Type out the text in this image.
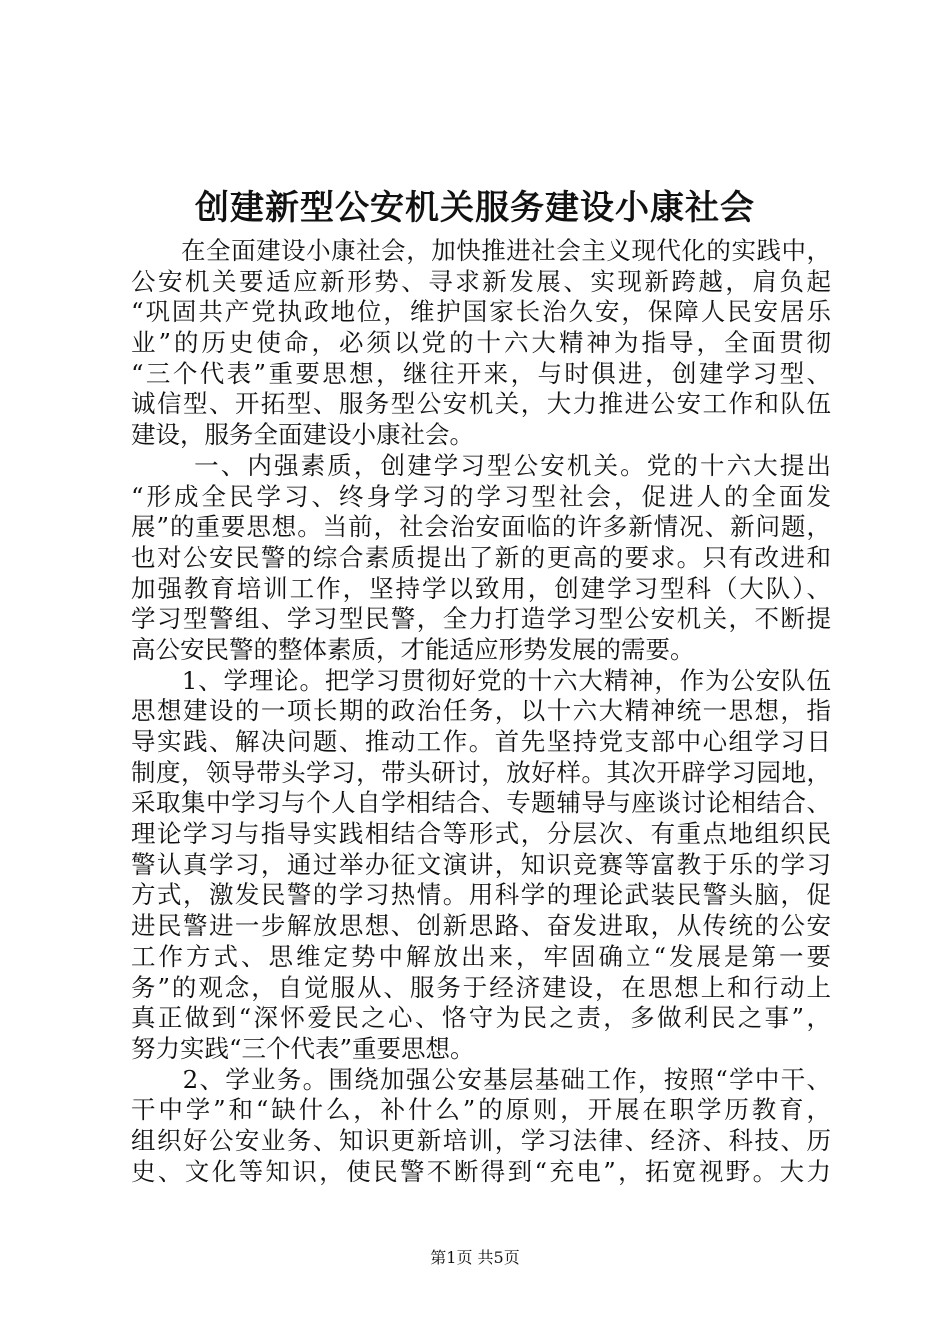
创建新型公安机关服务建设小康社会
　　在全面建设小康社会，加快推进社会主义现代化的实践中，
公安机关要适应新形势、寻求新发展、实现新跨越，肩负起
“巩固共产党执政地位，维护国家长治久安，保障人民安居乐
业”的历史使命，必须以党的十六大精神为指导，全面贯彻
“三个代表”重要思想，继往开来，与时俱进，创建学习型、
诚信型、开拓型、服务型公安机关，大力推进公安工作和队伍
建设，服务全面建设小康社会。
　　 一、内强素质，创建学习型公安机关。党的十六大提出
“形成全民学习、终身学习的学习型社会，促进人的全面发
展”的重要思想。当前，社会治安面临的许多新情况、新问题，
也对公安民警的综合素质提出了新的更高的要求。只有改进和
加强教育培训工作，坚持学以致用，创建学习型科（大队）、
学习型警组、学习型民警，全力打造学习型公安机关，不断提
高公安民警的整体素质，才能适应形势发展的需要。
　　1、学理论。把学习贯彻好党的十六大精神，作为公安队伍
思想建设的一项长期的政治任务，以十六大精神统一思想，指
导实践、解决问题、推动工作。首先坚持党支部中心组学习日
制度，领导带头学习，带头研讨，放好样。其次开辟学习园地，
采取集中学习与个人自学相结合、专题辅导与座谈讨论相结合、
理论学习与指导实践相结合等形式，分层次、有重点地组织民
警认真学习，通过举办征文演讲，知识竞赛等富教于乐的学习
方式，激发民警的学习热情。用科学的理论武装民警头脑，促
进民警进一步解放思想、创新思路、奋发进取，从传统的公安
工作方式、思维定势中解放出来，牢固确立“发展是第一要
务”的观念，自觉服从、服务于经济建设，在思想上和行动上
真正做到“深怀爱民之心、恪守为民之责，多做利民之事”，
努力实践“三个代表”重要思想。
　　2、学业务。围绕加强公安基层基础工作，按照“学中干、
干中学”和“缺什么，补什么”的原则，开展在职学历教育，
组织好公安业务、知识更新培训，学习法律、经济、科技、历
史、文化等知识，使民警不断得到“充电”，拓宽视野。大力
第1页 共5页
